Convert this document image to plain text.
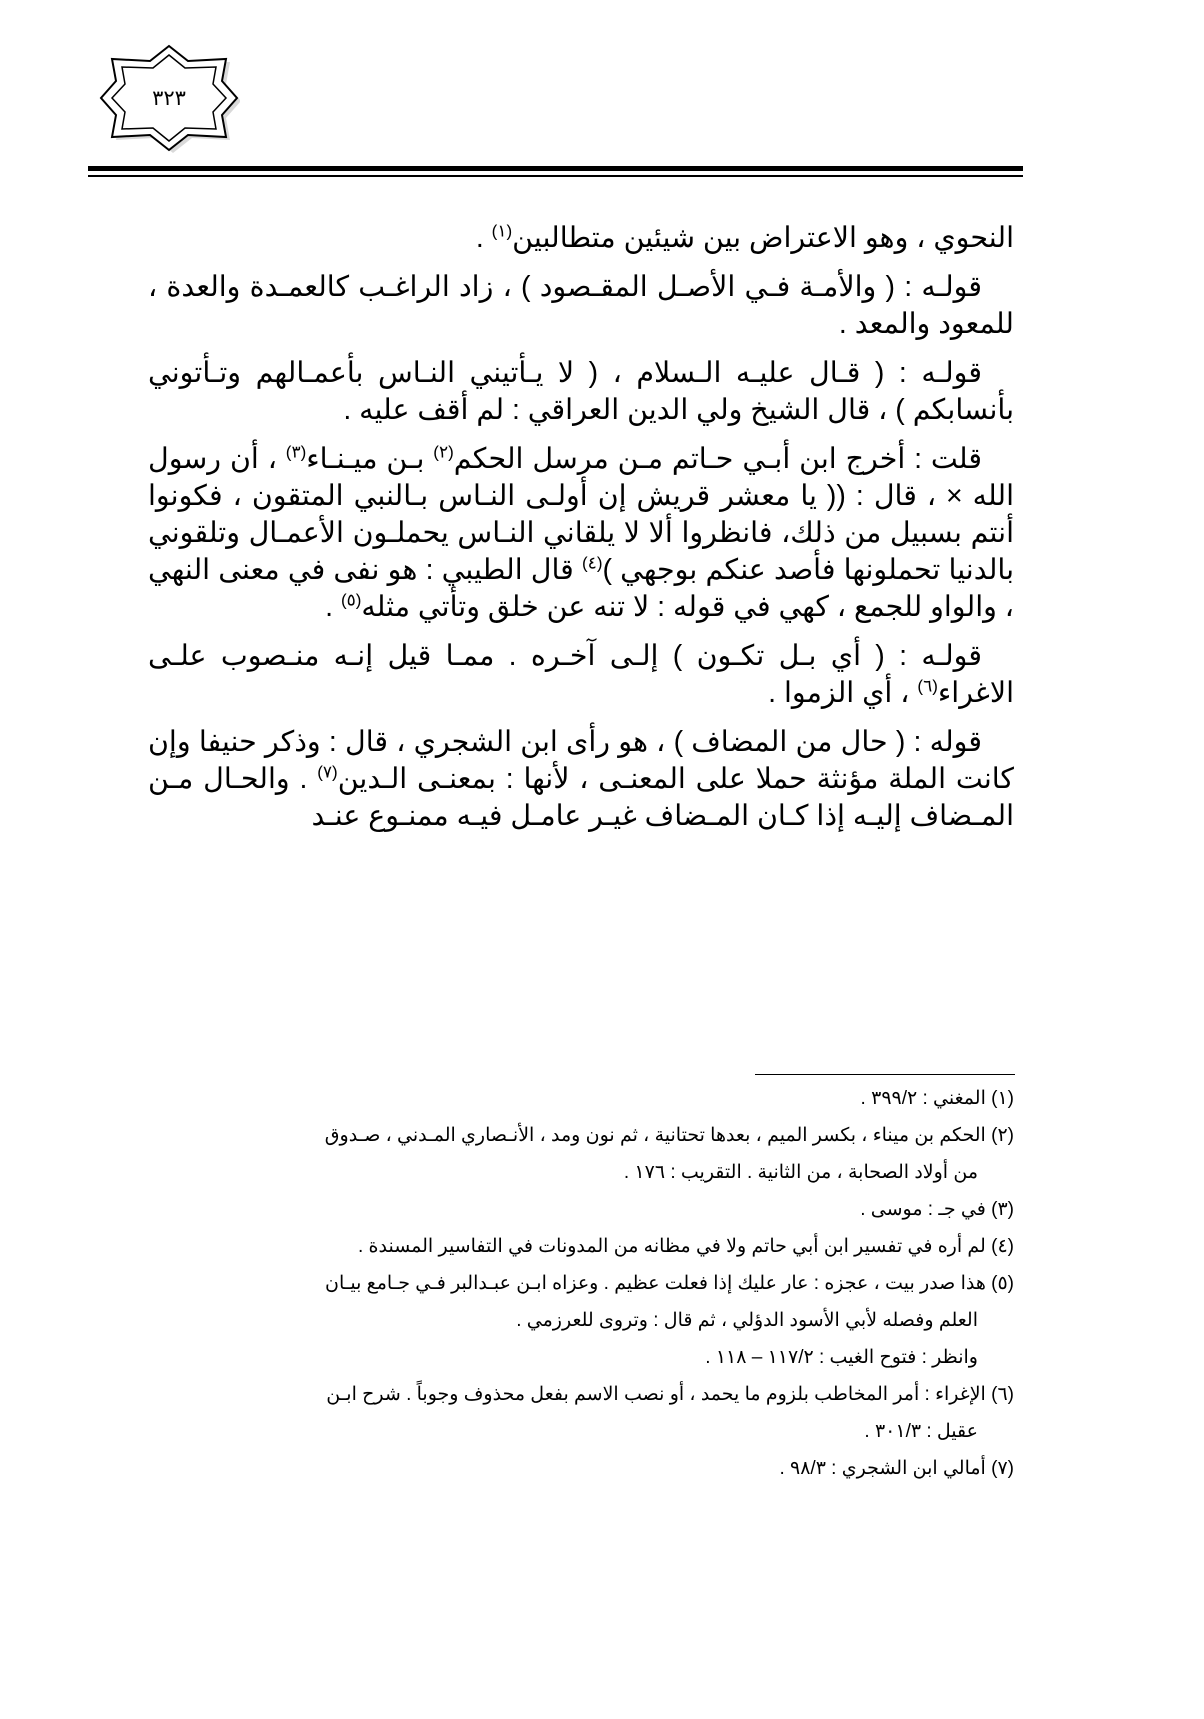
٣٢٣

النحوي ، وهو الاعتراض بين شيئين متطالبين$^{(١)}$ .

قولـه : ( والأمـة فـي الأصـل المقـصود ) ، زاد الراغـب كالعمـدة والعدة ، للمعود والمعد .

قولـه : ( قـال عليـه الـسلام ، ( لا يـأتيني النـاس بأعمـالهم وتـأتوني بأنسابكم ) ، قال الشيخ ولي الدين العراقي : لم أقف عليه .

قلت : أخرج ابن أبـي حـاتم مـن مرسل الحكم$^{(٢)}$ بـن ميـنـاء$^{(٣)}$ ، أن رسول الله × ، قال : (( يا معشر قريش إن أولـى النـاس بـالنبي المتقون ، فكونوا أنتم بسبيل من ذلك، فانظروا ألا لا يلقاني النـاس يحملـون الأعمـال وتلقوني بالدنيا تحملونها فأصد عنكم بوجهي )$^{(٤)}$ قال الطيبي : هو نفى في معنى النهي ، والواو للجمع ، كهي في قوله : لا تنه عن خلق وتأتي مثله$^{(٥)}$ .

قولـه : ( أي بـل تكـون ) إلـى آخـره . ممـا قيل إنـه منـصوب علـى الاغراء$^{(٦)}$ ، أي الزموا .

قوله : ( حال من المضاف ) ، هو رأى ابن الشجري ، قال : وذكر حنيفا وإن كانت الملة مؤنثة حملا على المعنـى ، لأنها : بمعنـى الـدين$^{(٧)}$ . والحـال مـن المـضاف إليـه إذا كـان المـضاف غيـر عامـل فيـه ممنـوع عنـد

(١) المغني : ٣٩٩/٢ .

(٢) الحكم بن ميناء ، بكسر الميم ، بعدها تحتانية ، ثم نون ومد ، الأنـصاري المـدني ، صـدوق

من أولاد الصحابة ، من الثانية . التقريب : ١٧٦ .

(٣) في جـ : موسى .

(٤) لم أره في تفسير ابن أبي حاتم ولا في مظانه من المدونات في التفاسير المسندة .

(٥) هذا صدر بيت ، عجزه : عار عليك إذا فعلت عظيم . وعزاه ابـن عبـدالبر فـي جـامع بيـان

العلم وفصله لأبي الأسود الدؤلي ، ثم قال : وتروى للعرزمي .

وانظر : فتوح الغيب : ١١٧/٢ – ١١٨ .

(٦) الإغراء : أمر المخاطب بلزوم ما يحمد ، أو نصب الاسم بفعل محذوف وجوباً . شرح ابـن

عقيل : ٣٠١/٣ .

(٧) أمالي ابن الشجري : ٩٨/٣ .
